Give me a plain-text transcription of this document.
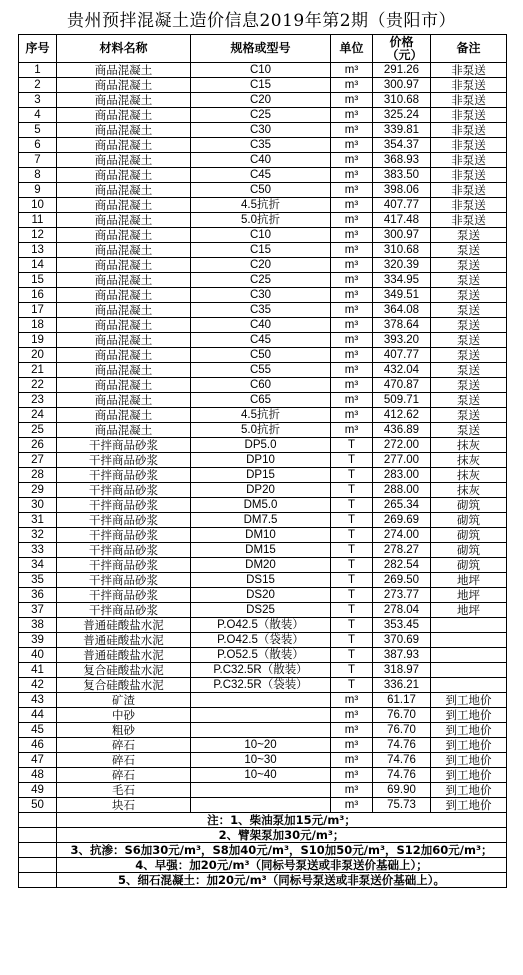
贵州预拌混凝土造价信息2019年第2期（贵阳市）
序号	材料名称	规格或型号	单位	价格（元）	备注
1	商品混凝土	C10	m³	291.26	非泵送
2	商品混凝土	C15	m³	300.97	非泵送
3	商品混凝土	C20	m³	310.68	非泵送
4	商品混凝土	C25	m³	325.24	非泵送
5	商品混凝土	C30	m³	339.81	非泵送
6	商品混凝土	C35	m³	354.37	非泵送
7	商品混凝土	C40	m³	368.93	非泵送
8	商品混凝土	C45	m³	383.50	非泵送
9	商品混凝土	C50	m³	398.06	非泵送
10	商品混凝土	4.5抗折	m³	407.77	非泵送
11	商品混凝土	5.0抗折	m³	417.48	非泵送
12	商品混凝土	C10	m³	300.97	泵送
13	商品混凝土	C15	m³	310.68	泵送
14	商品混凝土	C20	m³	320.39	泵送
15	商品混凝土	C25	m³	334.95	泵送
16	商品混凝土	C30	m³	349.51	泵送
17	商品混凝土	C35	m³	364.08	泵送
18	商品混凝土	C40	m³	378.64	泵送
19	商品混凝土	C45	m³	393.20	泵送
20	商品混凝土	C50	m³	407.77	泵送
21	商品混凝土	C55	m³	432.04	泵送
22	商品混凝土	C60	m³	470.87	泵送
23	商品混凝土	C65	m³	509.71	泵送
24	商品混凝土	4.5抗折	m³	412.62	泵送
25	商品混凝土	5.0抗折	m³	436.89	泵送
26	干拌商品砂浆	DP5.0	T	272.00	抹灰
27	干拌商品砂浆	DP10	T	277.00	抹灰
28	干拌商品砂浆	DP15	T	283.00	抹灰
29	干拌商品砂浆	DP20	T	288.00	抹灰
30	干拌商品砂浆	DM5.0	T	265.34	砌筑
31	干拌商品砂浆	DM7.5	T	269.69	砌筑
32	干拌商品砂浆	DM10	T	274.00	砌筑
33	干拌商品砂浆	DM15	T	278.27	砌筑
34	干拌商品砂浆	DM20	T	282.54	砌筑
35	干拌商品砂浆	DS15	T	269.50	地坪
36	干拌商品砂浆	DS20	T	273.77	地坪
37	干拌商品砂浆	DS25	T	278.04	地坪
38	普通硅酸盐水泥	P.O42.5（散装）	T	353.45	
39	普通硅酸盐水泥	P.O42.5（袋装）	T	370.69	
40	普通硅酸盐水泥	P.O52.5（散装）	T	387.93	
41	复合硅酸盐水泥	P.C32.5R（散装）	T	318.97	
42	复合硅酸盐水泥	P.C32.5R（袋装）	T	336.21	
43	矿渣		m³	61.17	到工地价
44	中砂		m³	76.70	到工地价
45	粗砂		m³	76.70	到工地价
46	碎石	10~20	m³	74.76	到工地价
47	碎石	10~30	m³	74.76	到工地价
48	碎石	10~40	m³	74.76	到工地价
49	毛石		m³	69.90	到工地价
50	块石		m³	75.73	到工地价
	注：1、柴油泵加15元/m³；				
	2、臂架泵加30元/m³；				
	3、抗渗：S6加30元/m³，S8加40元/m³，S10加50元/m³，S12加60元/m³；				
	4、早强：加20元/m³（同标号泵送或非泵送价基础上）；				
	5、细石混凝土：加20元/m³（同标号泵送或非泵送价基础上）。				
